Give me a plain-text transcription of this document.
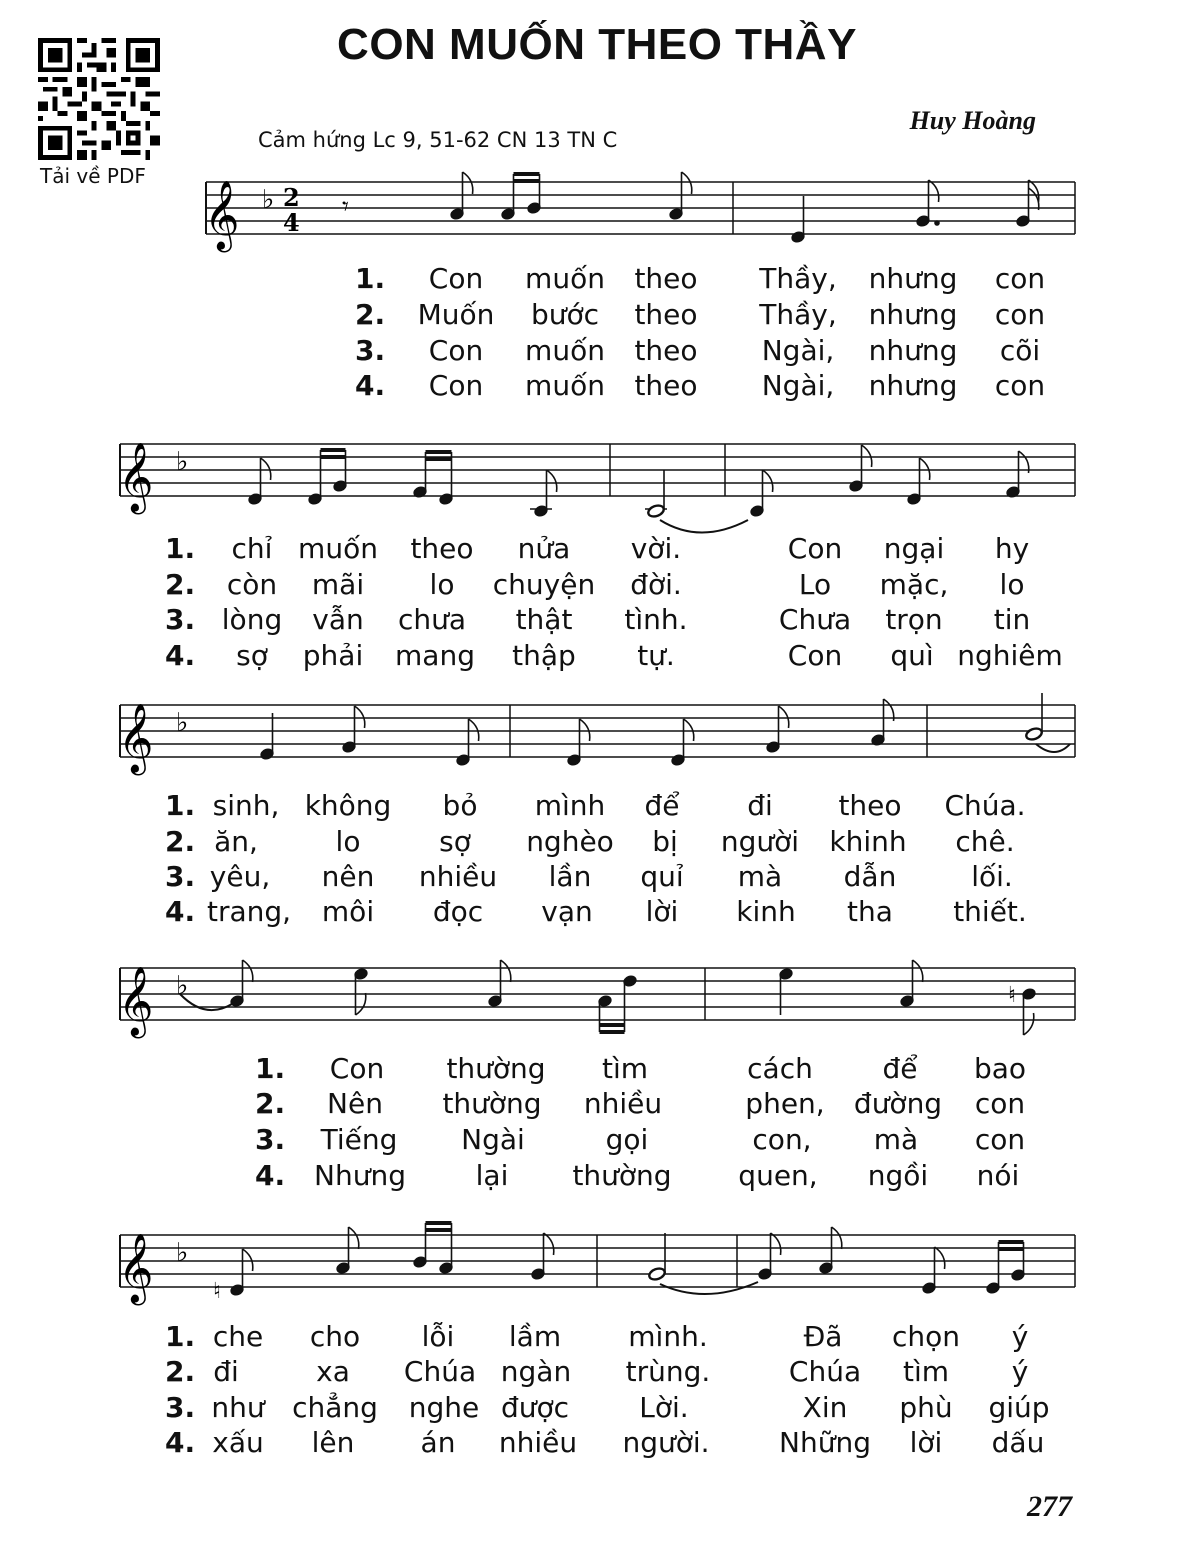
CON MUỐN THEO THẦY
Huy Hoàng
Cảm hứng Lc 9, 51-62 CN 13 TN C
Tải về PDF
𝄞 ♭ 2
4
𝄾
1. Con muốn theo Thầy, nhưng con
2. Muốn bước theo Thầy, nhưng con
3. Con muốn theo Ngài, nhưng cõi
4. Con muốn theo Ngài, nhưng con
𝄞 ♭
1. chỉ muốn theo nửa vời.	Con ngại hy
2. còn mãi lo chuyện đời.	Lo mặc, lo
3. lòng vẫn chưa thật tình.	Chưa trọn tin
4. sợ phải mang thập tự.	Con quì nghiêm
𝄞 ♭
1. sinh, không bỏ mình để đi theo Chúa.
2. ăn,	lo	sợ nghèo bị người khinh chê.
3. yêu, nên nhiều lần quỉ mà dẫn	lối.
4. trang, môi đọc vạn lời kinh tha thiết.
𝄞 ♭	♮
1. Con thường tìm	cách để bao
2. Nên thường nhiều	phen, đường con
3. Tiếng Ngài	gọi	con, mà con
4. Nhưng lại thường quen, ngồi nói
𝄞 ♭
♮
1. che cho lỗi lầm mình.	Đã chọn ý
2. đi	xa Chúa ngàn trùng.	Chúa tìm ý
3. như chẳng nghe được	Lời.	Xin phù giúp
4. xấu lên án nhiều người. Những lời dấu
277
